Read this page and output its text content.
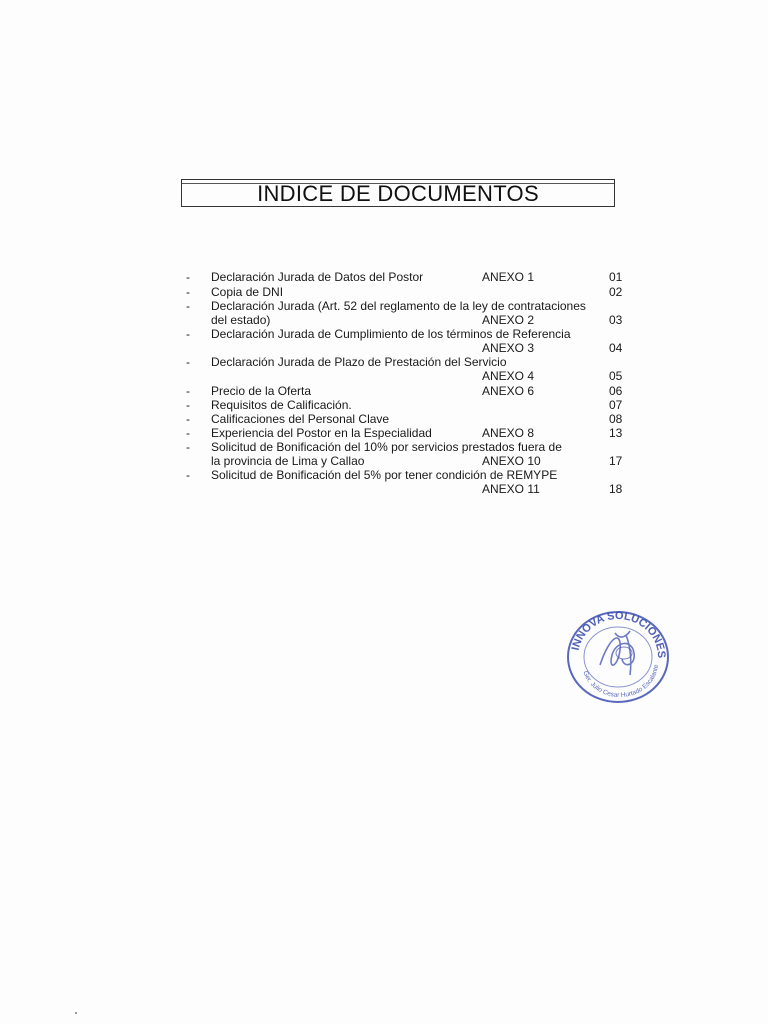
INDICE DE DOCUMENTOS
- Declaración Jurada de Datos del Postor	ANEXO 1	01
- Copia de DNI	02
- Declaración Jurada (Art. 52 del reglamento de la ley de contrataciones
del estado)	ANEXO 2	03
- Declaración Jurada de Cumplimiento de los términos de Referencia
ANEXO 3	04
- Declaración Jurada de Plazo de Prestación del Servicio
ANEXO 4	05
- Precio de la Oferta	ANEXO 6	06
- Requisitos de Calificación.	07
- Calificaciones del Personal Clave	08
- Experiencia del Postor en la Especialidad	ANEXO 8	13
- Solicitud de Bonificación del 10% por servicios prestados fuera de
la provincia de Lima y Callao	ANEXO 10	17
- Solicitud de Bonificación del 5% por tener condición de REMYPE
ANEXO 11	18
INNOVA SOLUCIONES
Ger. Julio Cesar Hurtado Escalante
